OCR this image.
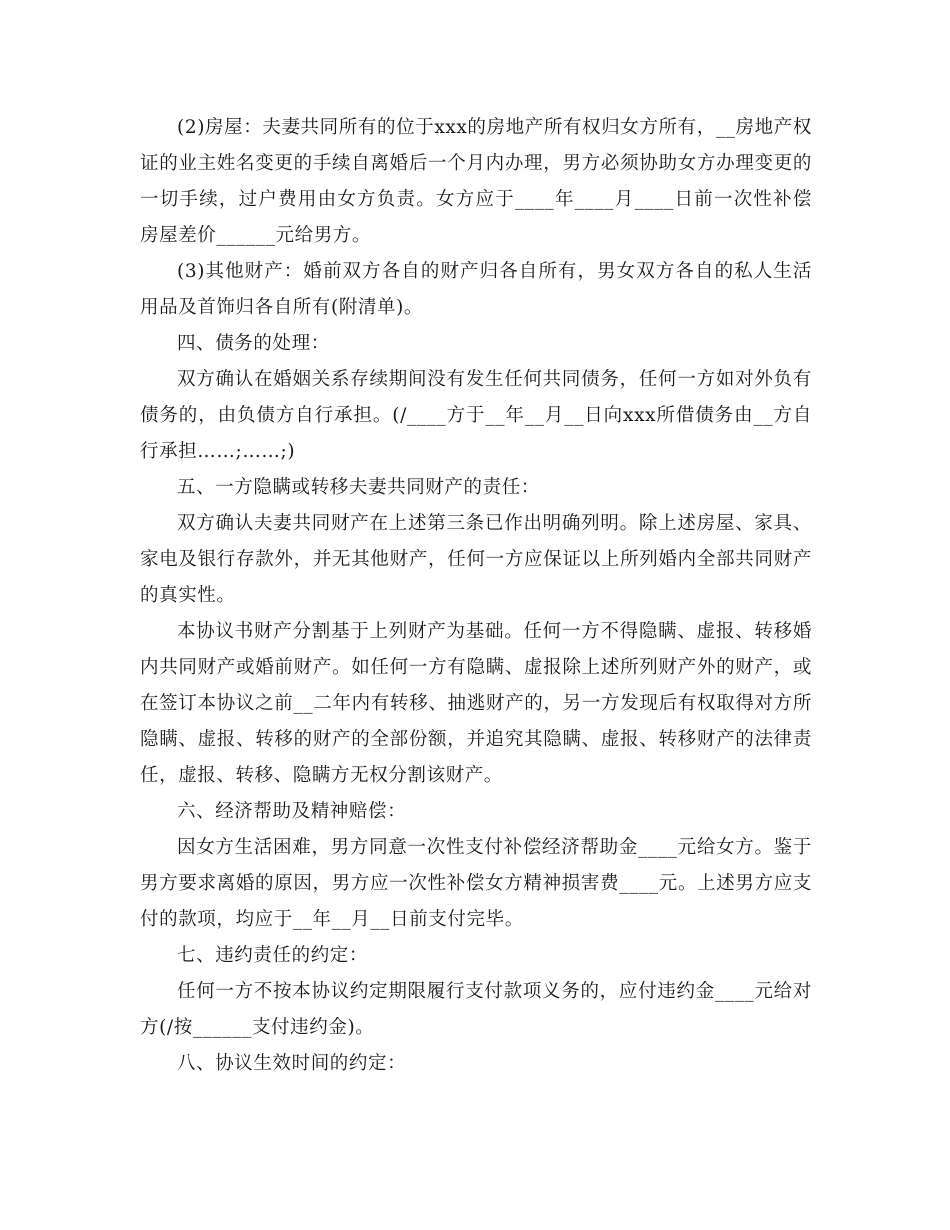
(2)房屋：夫妻共同所有的位于xxx的房地产所有权归女方所有，__房地产权证的业主姓名变更的手续自离婚后一个月内办理，男方必须协助女方办理变更的一切手续，过户费用由女方负责。女方应于____年____月____日前一次性补偿房屋差价______元给男方。

(3)其他财产：婚前双方各自的财产归各自所有，男女双方各自的私人生活用品及首饰归各自所有(附清单)。

四、债务的处理：

双方确认在婚姻关系存续期间没有发生任何共同债务，任何一方如对外负有债务的，由负债方自行承担。(/____方于__年__月__日向xxx所借债务由__方自行承担……;……;)

五、一方隐瞒或转移夫妻共同财产的责任：

双方确认夫妻共同财产在上述第三条已作出明确列明。除上述房屋、家具、家电及银行存款外，并无其他财产，任何一方应保证以上所列婚内全部共同财产的真实性。

本协议书财产分割基于上列财产为基础。任何一方不得隐瞒、虚报、转移婚内共同财产或婚前财产。如任何一方有隐瞒、虚报除上述所列财产外的财产，或在签订本协议之前__二年内有转移、抽逃财产的，另一方发现后有权取得对方所隐瞒、虚报、转移的财产的全部份额，并追究其隐瞒、虚报、转移财产的法律责任，虚报、转移、隐瞒方无权分割该财产。

六、经济帮助及精神赔偿：

因女方生活困难，男方同意一次性支付补偿经济帮助金____元给女方。鉴于男方要求离婚的原因，男方应一次性补偿女方精神损害费____元。上述男方应支付的款项，均应于__年__月__日前支付完毕。

七、违约责任的约定：

任何一方不按本协议约定期限履行支付款项义务的，应付违约金____元给对方(/按______支付违约金)。

八、协议生效时间的约定：
